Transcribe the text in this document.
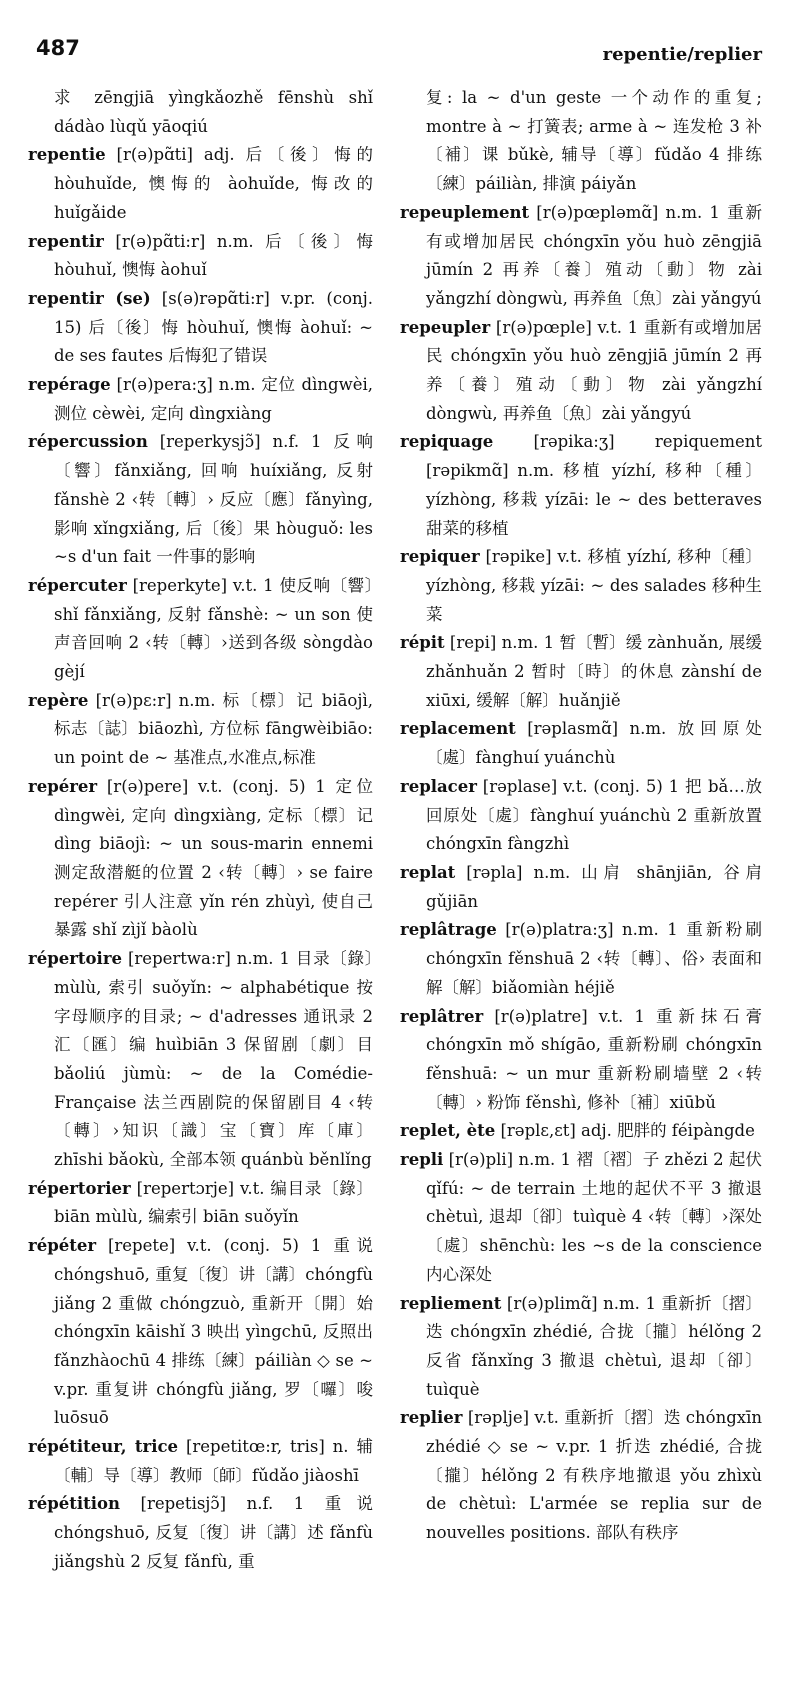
487	repentie/replier

求 zēngjiā yìngkǎozhě fēnshù shǐ dádào lùqǔ yāoqiú

repentie [r(ə)pɑ̃ti] adj. 后〔後〕悔的 hòuhuǐde, 懊悔的 àohuǐde, 悔改的 huǐgǎide

repentir [r(ə)pɑ̃ti:r] n.m. 后〔後〕悔 hòuhuǐ, 懊悔 àohuǐ

repentir (se) [s(ə)rəpɑ̃ti:r] v.pr. (conj. 15) 后〔後〕悔 hòuhuǐ, 懊悔 àohuǐ: ~ de ses fautes 后悔犯了错误

repérage [r(ə)pera:ʒ] n.m. 定位 dìngwèi, 测位 cèwèi, 定向 dìngxiàng

répercussion [reperkysjɔ̃] n.f. 1 反响〔響〕fǎnxiǎng, 回响 huíxiǎng, 反射 fǎnshè 2 ‹转〔轉〕› 反应〔應〕fǎnyìng, 影响 xǐngxiǎng, 后〔後〕果 hòuguǒ: les ~s d'un fait 一件事的影响

répercuter [reperkyte] v.t. 1 使反响〔響〕shǐ fǎnxiǎng, 反射 fǎnshè: ~ un son 使声音回响 2 ‹转〔轉〕›送到各级 sòngdào gèjí

repère [r(ə)pɛ:r] n.m. 标〔標〕记 biāojì, 标志〔誌〕biāozhì, 方位标 fāngwèibiāo: un point de ~ 基准点,水准点,标准

repérer [r(ə)pere] v.t. (conj. 5) 1 定位 dìngwèi, 定向 dìngxiàng, 定标〔標〕记 dìng biāojì: ~ un sous-marin ennemi 测定敌潜艇的位置 2 ‹转〔轉〕› se faire repérer 引人注意 yǐn rén zhùyì, 使自己暴露 shǐ zìjǐ bàolù

répertoire [repertwa:r] n.m. 1 目录〔錄〕mùlù, 索引 suǒyǐn: ~ alphabétique 按字母顺序的目录; ~ d'adresses 通讯录 2 汇〔匯〕编 huìbiān 3 保留剧〔劇〕目 bǎoliú jùmù: ~ de la Comédie-Française 法兰西剧院的保留剧目 4 ‹转〔轉〕›知识〔識〕宝〔寶〕库〔庫〕zhīshi bǎokù, 全部本领 quánbù běnlǐng

répertorier [repertɔrje] v.t. 编目录〔錄〕biān mùlù, 编索引 biān suǒyǐn

répéter [repete] v.t. (conj. 5) 1 重说 chóngshuō, 重复〔復〕讲〔講〕chóngfù jiǎng 2 重做 chóngzuò, 重新开〔開〕始 chóngxīn kāishǐ 3 映出 yìngchū, 反照出 fǎnzhàochū 4 排练〔練〕páiliàn ◇ se ~ v.pr. 重复讲 chóngfù jiǎng, 罗〔囉〕唆 luōsuō

répétiteur, trice [repetitœ:r, tris] n. 辅〔輔〕导〔導〕教师〔師〕fǔdǎo jiàoshī

répétition [repetisjɔ̃] n.f. 1 重说 chóngshuō, 反复〔復〕讲〔講〕述 fǎnfù jiǎngshù 2 反复 fǎnfù, 重

复: la ~ d'un geste 一个动作的重复; montre à ~ 打簧表; arme à ~ 连发枪 3 补〔補〕课 bǔkè, 辅导〔導〕fǔdǎo 4 排练〔練〕páiliàn, 排演 páiyǎn

repeuplement [r(ə)pœpləmɑ̃] n.m. 1 重新有或增加居民 chóngxīn yǒu huò zēngjiā jūmín 2 再养〔養〕殖动〔動〕物 zài yǎngzhí dòngwù, 再养鱼〔魚〕zài yǎngyú

repeupler [r(ə)pœple] v.t. 1 重新有或增加居民 chóngxīn yǒu huò zēngjiā jūmín 2 再养〔養〕殖动〔動〕物 zài yǎngzhí dòngwù, 再养鱼〔魚〕zài yǎngyú

repiquage [rəpika:ʒ] repiquement [rəpikmɑ̃] n.m. 移植 yízhí, 移种〔種〕yízhòng, 移栽 yízāi: le ~ des betteraves 甜菜的移植

repiquer [rəpike] v.t. 移植 yízhí, 移种〔種〕yízhòng, 移栽 yízāi: ~ des salades 移种生菜

répit [repi] n.m. 1 暂〔暫〕缓 zànhuǎn, 展缓 zhǎnhuǎn 2 暂时〔時〕的休息 zànshí de xiūxi, 缓解〔解〕huǎnjiě

replacement [rəplasmɑ̃] n.m. 放回原处〔處〕fànghuí yuánchù

replacer [rəplase] v.t. (conj. 5) 1 把 bǎ…放回原处〔處〕fànghuí yuánchù 2 重新放置 chóngxīn fàngzhì

replat [rəpla] n.m. 山肩 shānjiān, 谷肩 gǔjiān

replâtrage [r(ə)platra:ʒ] n.m. 1 重新粉刷 chóngxīn fěnshuā 2 ‹转〔轉〕、俗› 表面和解〔解〕biǎomiàn héjiě

replâtrer [r(ə)platre] v.t. 1 重新抹石膏 chóngxīn mǒ shígāo, 重新粉刷 chóngxīn fěnshuā: ~ un mur 重新粉刷墙壁 2 ‹转〔轉〕› 粉饰 fěnshì, 修补〔補〕xiūbǔ

replet, ète [rəplɛ,ɛt] adj. 肥胖的 féipàngde

repli [r(ə)pli] n.m. 1 褶〔褶〕子 zhězi 2 起伏 qǐfú: ~ de terrain 土地的起伏不平 3 撤退 chètuì, 退却〔卻〕tuìquè 4 ‹转〔轉〕›深处〔處〕shēnchù: les ~s de la conscience 内心深处

repliement [r(ə)plimɑ̃] n.m. 1 重新折〔摺〕迭 chóngxīn zhédié, 合拢〔攏〕hélǒng 2 反省 fǎnxǐng 3 撤退 chètuì, 退却〔卻〕tuìquè

replier [rəplje] v.t. 重新折〔摺〕迭 chóngxīn zhédié ◇ se ~ v.pr. 1 折迭 zhédié, 合拢〔攏〕hélǒng 2 有秩序地撤退 yǒu zhìxù de chètuì: L'armée se replia sur de nouvelles positions. 部队有秩序
